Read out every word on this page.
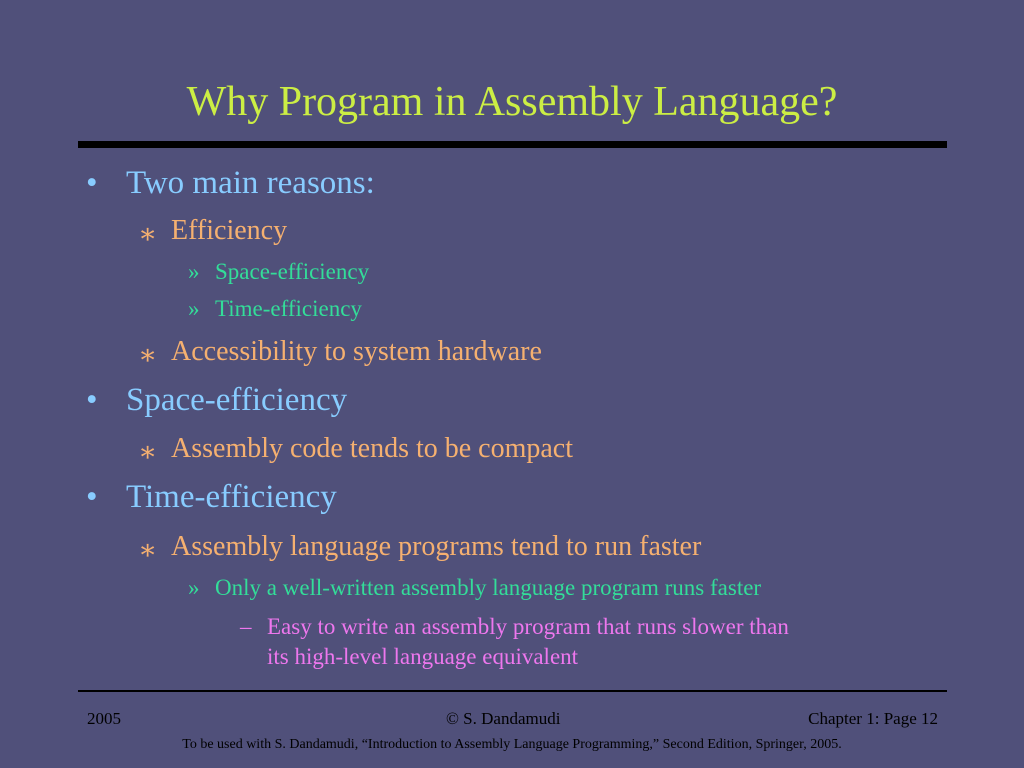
Why Program in Assembly Language?
• Two main reasons:
∗ Efficiency
» Space-efficiency
» Time-efficiency
∗ Accessibility to system hardware
• Space-efficiency
∗ Assembly code tends to be compact
• Time-efficiency
∗ Assembly language programs tend to run faster
» Only a well-written assembly language program runs faster
– Easy to write an assembly program that runs slower than
its high-level language equivalent
2005	© S. Dandamudi	Chapter 1: Page 12
To be used with S. Dandamudi, “Introduction to Assembly Language Programming,” Second Edition, Springer, 2005.
